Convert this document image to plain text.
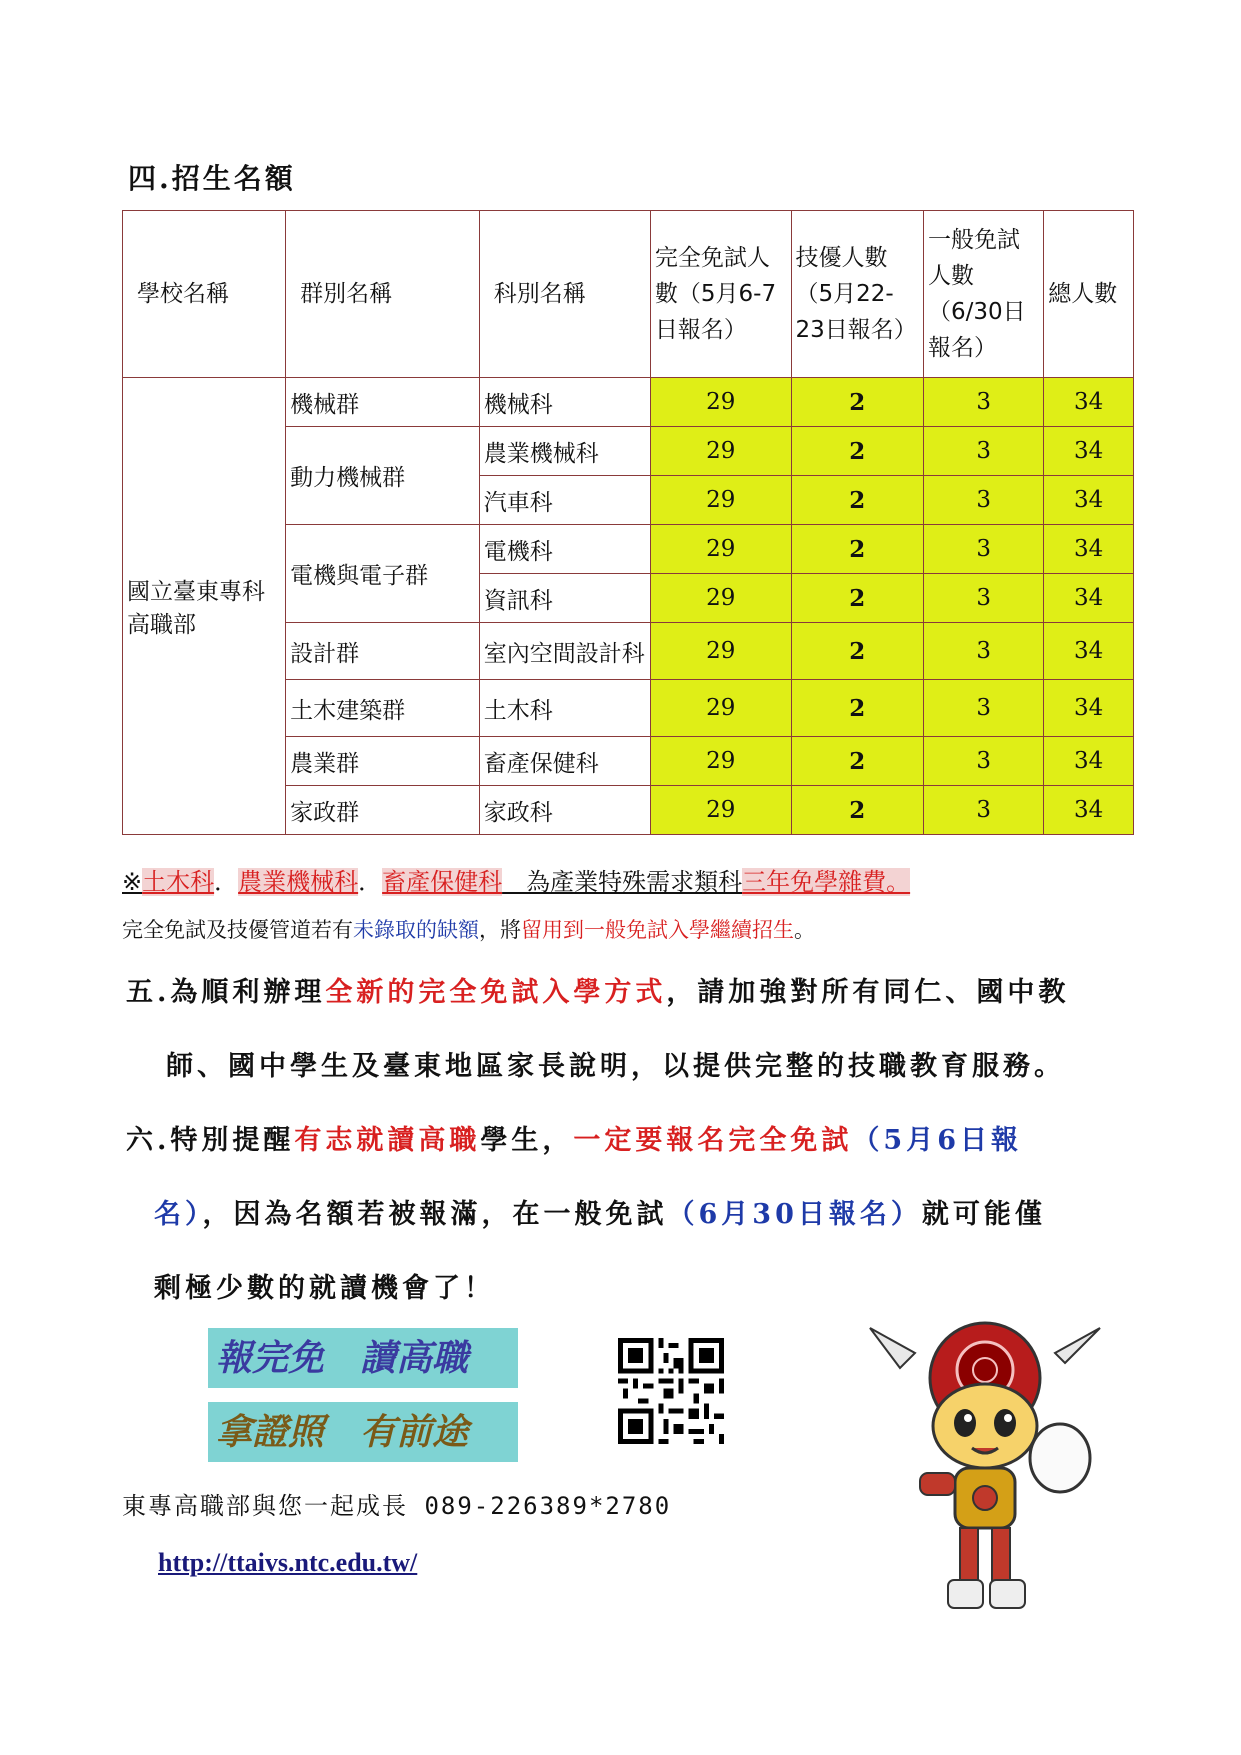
四.招生名額
學校名稱	群別名稱	科別名稱	完全免試人數（5月6-7日報名）	技優人數（5月22-23日報名）	一般免試人數（6/30日報名）	總人數
國立臺東專科高職部	機械群	機械科	29	2	3	34
	動力機械群	農業機械科	29	2	3	34
		汽車科	29	2	3	34
	電機與電子群	電機科	29	2	3	34
		資訊科	29	2	3	34
	設計群	室內空間設計科	29	2	3	34
	土木建築群	土木科	29	2	3	34
	農業群	畜產保健科	29	2	3	34
	家政群	家政科	29	2	3	34
※土木科．農業機械科．畜產保健科　為產業特殊需求類科三年免學雜費。
完全免試及技優管道若有未錄取的缺額，將留用到一般免試入學繼續招生。
五.為順利辦理全新的完全免試入學方式，請加強對所有同仁、國中教
師、國中學生及臺東地區家長說明，以提供完整的技職教育服務。
六.特別提醒有志就讀高職學生，一定要報名完全免試（5月6日報
名），因為名額若被報滿，在一般免試（6月30日報名）就可能僅
剩極少數的就讀機會了！
報完免　讀高職
拿證照　有前途
東專高職部與您一起成長 089-226389*2780
http://ttaivs.ntc.edu.tw/
